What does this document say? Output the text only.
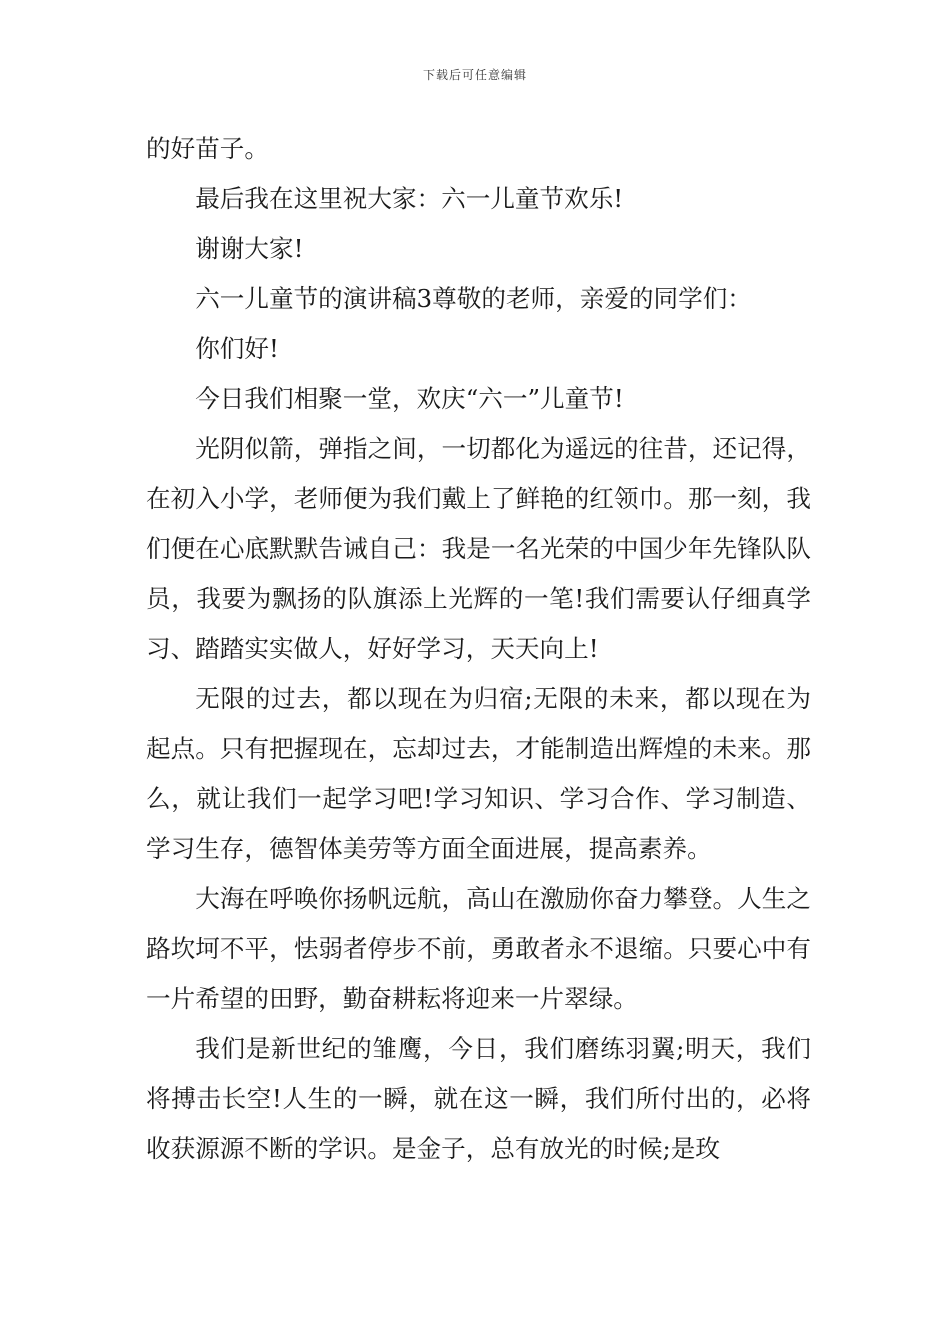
下载后可任意编辑

的好苗子。

最后我在这里祝大家：六一儿童节欢乐!

谢谢大家!

六一儿童节的演讲稿3尊敬的老师，亲爱的同学们：

你们好!

今日我们相聚一堂，欢庆“六一”儿童节!

光阴似箭，弹指之间，一切都化为遥远的往昔，还记得，在初入小学，老师便为我们戴上了鲜艳的红领巾。那一刻，我们便在心底默默告诫自己：我是一名光荣的中国少年先锋队队员，我要为飘扬的队旗添上光辉的一笔!我们需要认仔细真学习、踏踏实实做人，好好学习，天天向上!

无限的过去，都以现在为归宿;无限的未来，都以现在为起点。只有把握现在，忘却过去，才能制造出辉煌的未来。那么，就让我们一起学习吧!学习知识、学习合作、学习制造、学习生存，德智体美劳等方面全面进展，提高素养。

大海在呼唤你扬帆远航，高山在激励你奋力攀登。人生之路坎坷不平，怯弱者停步不前，勇敢者永不退缩。只要心中有一片希望的田野，勤奋耕耘将迎来一片翠绿。

我们是新世纪的雏鹰，今日，我们磨练羽翼;明天，我们将搏击长空!人生的一瞬，就在这一瞬，我们所付出的，必将收获源源不断的学识。是金子，总有放光的时候;是玫
